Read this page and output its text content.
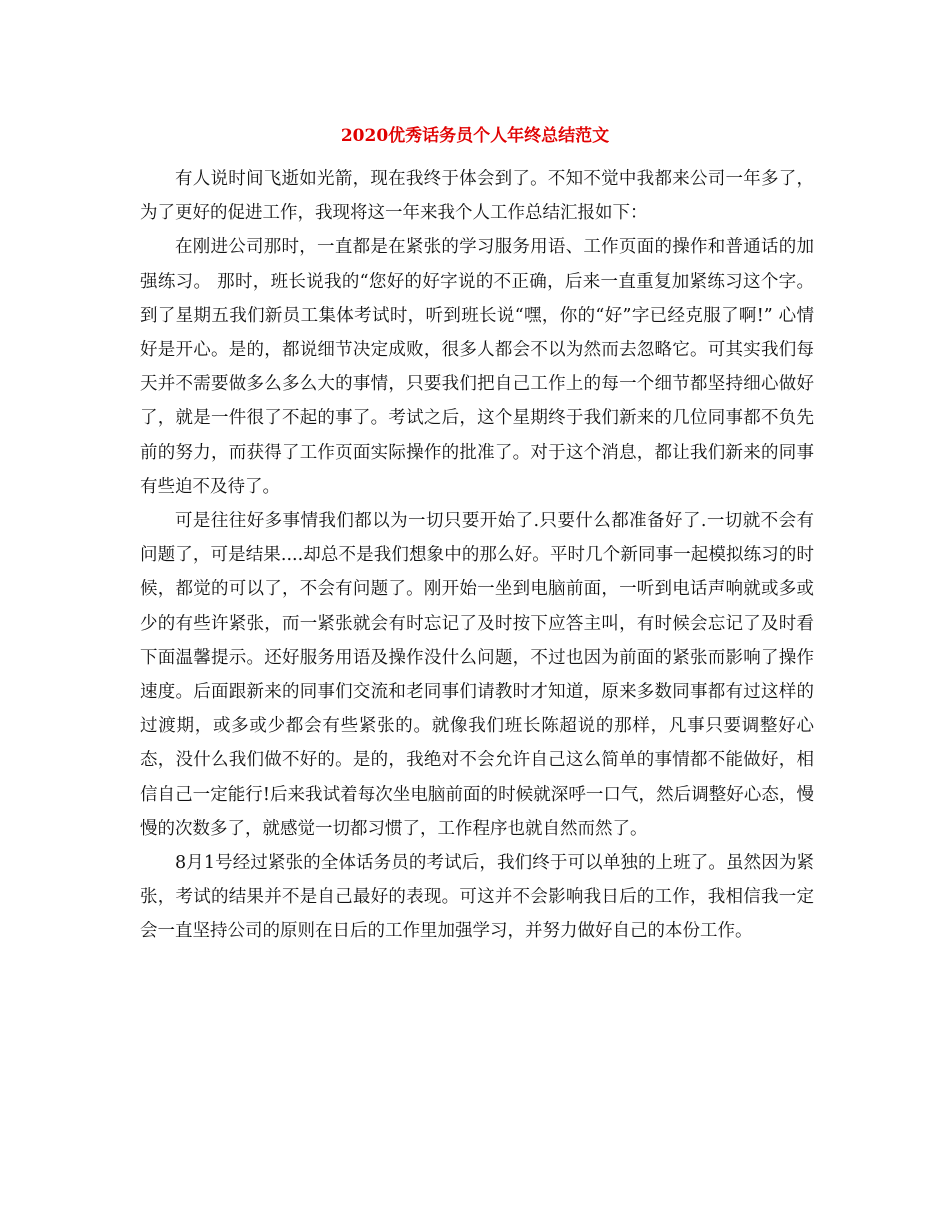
2020优秀话务员个人年终总结范文

有人说时间飞逝如光箭，现在我终于体会到了。不知不觉中我都来公司一年多了，为了更好的促进工作，我现将这一年来我个人工作总结汇报如下：

在刚进公司那时，一直都是在紧张的学习服务用语、工作页面的操作和普通话的加强练习。 那时，班长说我的“您好的好字说的不正确，后来一直重复加紧练习这个字。到了星期五我们新员工集体考试时，听到班长说“嘿，你的“好”字已经克服了啊!” 心情好是开心。是的，都说细节决定成败，很多人都会不以为然而去忽略它。可其实我们每天并不需要做多么多么大的事情，只要我们把自己工作上的每一个细节都坚持细心做好了，就是一件很了不起的事了。考试之后，这个星期终于我们新来的几位同事都不负先前的努力，而获得了工作页面实际操作的批准了。对于这个消息，都让我们新来的同事有些迫不及待了。

可是往往好多事情我们都以为一切只要开始了.只要什么都准备好了.一切就不会有问题了，可是结果....却总不是我们想象中的那么好。平时几个新同事一起模拟练习的时候，都觉的可以了，不会有问题了。刚开始一坐到电脑前面，一听到电话声响就或多或少的有些许紧张，而一紧张就会有时忘记了及时按下应答主叫，有时候会忘记了及时看下面温馨提示。还好服务用语及操作没什么问题，不过也因为前面的紧张而影响了操作速度。后面跟新来的同事们交流和老同事们请教时才知道，原来多数同事都有过这样的过渡期，或多或少都会有些紧张的。就像我们班长陈超说的那样，凡事只要调整好心态，没什么我们做不好的。是的，我绝对不会允许自己这么简单的事情都不能做好，相信自己一定能行!后来我试着每次坐电脑前面的时候就深呼一口气，然后调整好心态，慢慢的次数多了，就感觉一切都习惯了，工作程序也就自然而然了。

8月1号经过紧张的全体话务员的考试后，我们终于可以单独的上班了。虽然因为紧张，考试的结果并不是自己最好的表现。可这并不会影响我日后的工作，我相信我一定会一直坚持公司的原则在日后的工作里加强学习，并努力做好自己的本份工作。
